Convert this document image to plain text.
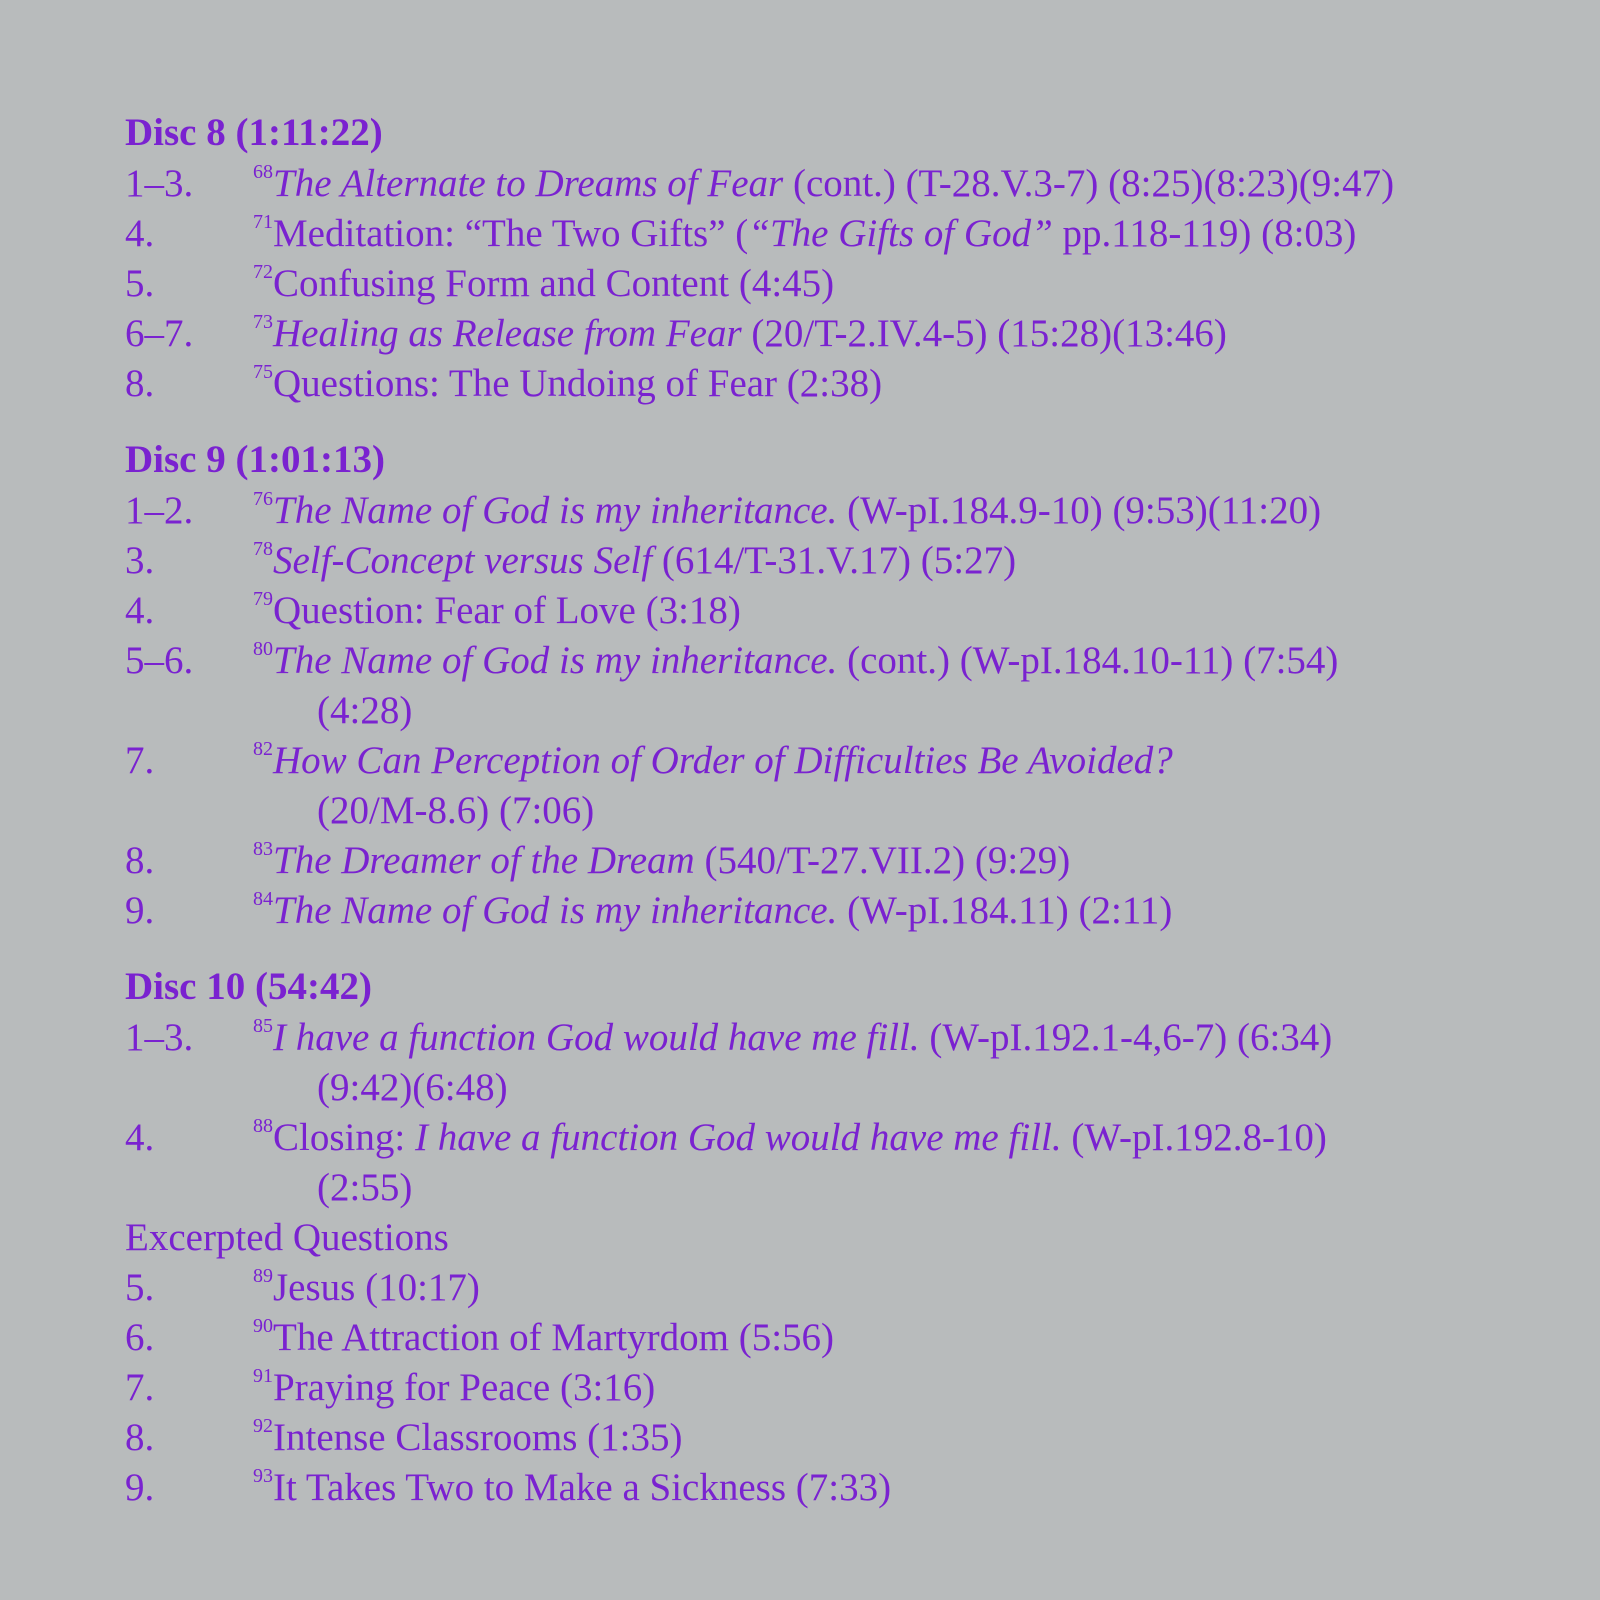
Disc 8 (1:11:22)
1–3.	$^{68}$The Alternate to Dreams of Fear (cont.) (T-28.V.3-7) (8:25)(8:23)(9:47)
4.	$^{71}$Meditation: “The Two Gifts” (“The Gifts of God” pp.118-119) (8:03)
5.	$^{72}$Confusing Form and Content (4:45)
6–7.	$^{73}$Healing as Release from Fear (20/T-2.IV.4-5) (15:28)(13:46)
8.	$^{75}$Questions: The Undoing of Fear (2:38)
Disc 9 (1:01:13)
1–2.	$^{76}$The Name of God is my inheritance. (W-pI.184.9-10) (9:53)(11:20)
3.	$^{78}$Self-Concept versus Self (614/T-31.V.17) (5:27)
4.	$^{79}$Question: Fear of Love (3:18)
5–6.	$^{80}$The Name of God is my inheritance. (cont.) (W-pI.184.10-11) (7:54)
(4:28)
7.	$^{82}$How Can Perception of Order of Difficulties Be Avoided?
(20/M-8.6) (7:06)
8.	$^{83}$The Dreamer of the Dream (540/T-27.VII.2) (9:29)
9.	$^{84}$The Name of God is my inheritance. (W-pI.184.11) (2:11)
Disc 10 (54:42)
1–3.	$^{85}$I have a function God would have me fill. (W-pI.192.1-4,6-7) (6:34)
(9:42)(6:48)
4.	$^{88}$Closing: I have a function God would have me fill. (W-pI.192.8-10)
(2:55)
Excerpted Questions
5.	$^{89}$Jesus (10:17)
6.	$^{90}$The Attraction of Martyrdom (5:56)
7.	$^{91}$Praying for Peace (3:16)
8.	$^{92}$Intense Classrooms (1:35)
9.	$^{93}$It Takes Two to Make a Sickness (7:33)
